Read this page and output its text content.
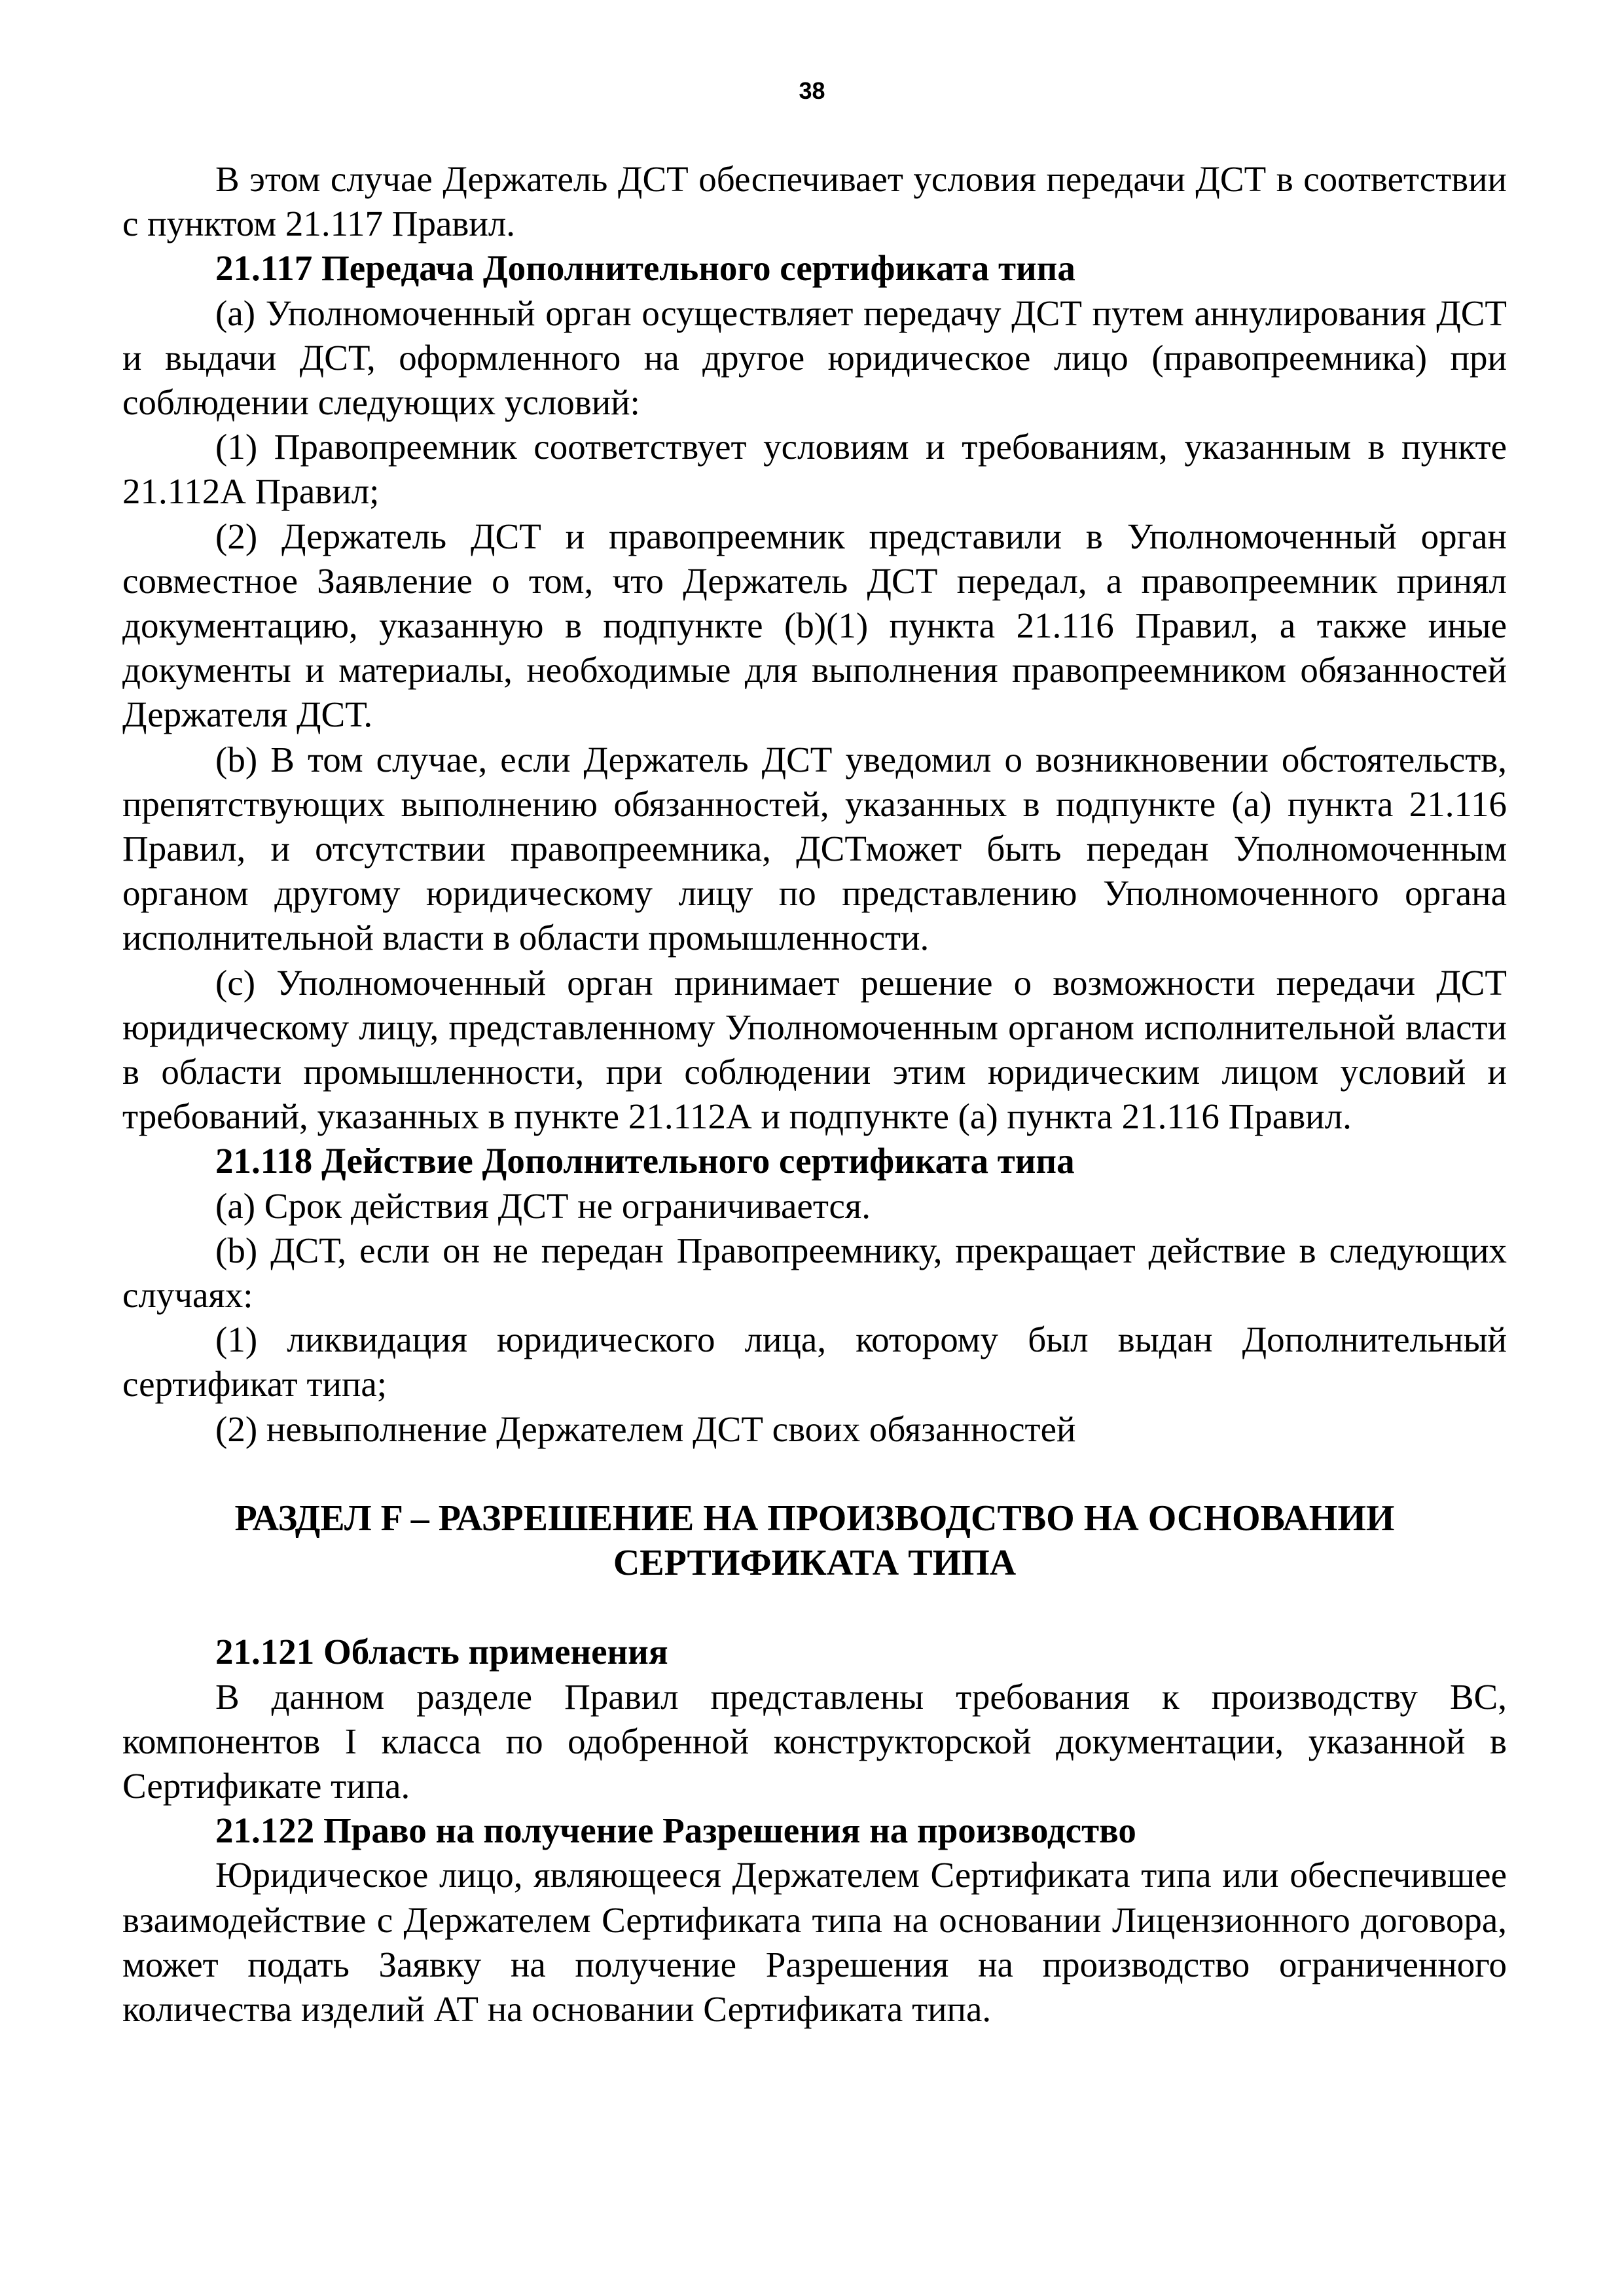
38

В этом случае Держатель ДСТ обеспечивает условия передачи ДСТ в соответствии с пунктом 21.117 Правил.

21.117 Передача Дополнительного сертификата типа

(a) Уполномоченный орган осуществляет передачу ДСТ путем аннулирования ДСТ и выдачи ДСТ, оформленного на другое юридическое лицо (правопреемника) при соблюдении следующих условий:

(1) Правопреемник соответствует условиям и требованиям, указанным в пункте 21.112А Правил;

(2) Держатель ДСТ и правопреемник представили в Уполномоченный орган совместное Заявление о том, что Держатель ДСТ передал, а правопреемник принял документацию, указанную в подпункте (b)(1) пункта 21.116 Правил, а также иные документы и материалы, необходимые для выполнения правопреемником обязанностей Держателя ДСТ.

(b) В том случае, если Держатель ДСТ уведомил о возникновении обстоятельств, препятствующих выполнению обязанностей, указанных в подпункте (a) пункта 21.116 Правил, и отсутствии правопреемника, ДСТможет быть передан Уполномоченным органом другому юридическому лицу по представлению Уполномоченного органа исполнительной власти в области промышленности.

(c) Уполномоченный орган принимает решение о возможности передачи ДСТ юридическому лицу, представленному Уполномоченным органом исполнительной власти в области промышленности, при соблюдении этим юридическим лицом условий и требований, указанных в пункте 21.112А и подпункте (a) пункта 21.116 Правил.

21.118 Действие Дополнительного сертификата типа

(a) Срок действия ДСТ не ограничивается.

(b) ДСТ, если он не передан Правопреемнику, прекращает действие в следующих случаях:

(1) ликвидация юридического лица, которому был выдан Дополнительный сертификат типа;

(2) невыполнение Держателем ДСТ своих обязанностей

РАЗДЕЛ F – РАЗРЕШЕНИЕ НА ПРОИЗВОДСТВО НА ОСНОВАНИИ
СЕРТИФИКАТА ТИПА

21.121 Область применения

В данном разделе Правил представлены требования к производству ВС, компонентов I класса по одобренной конструкторской документации, указанной в Сертификате типа.

21.122 Право на получение Разрешения на производство

Юридическое лицо, являющееся Держателем Сертификата типа или обеспечившее взаимодействие с Держателем Сертификата типа на основании Лицензионного договора, может подать Заявку на получение Разрешения на производство ограниченного количества изделий АТ на основании Сертификата типа.
